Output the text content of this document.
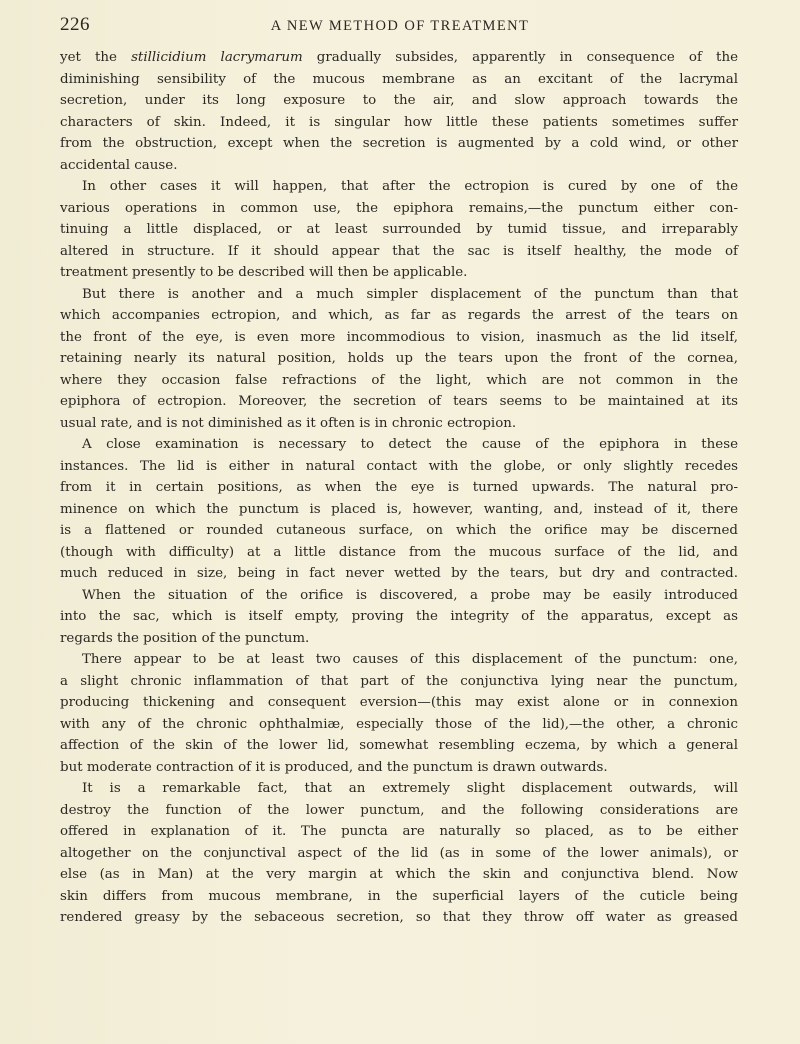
226	A NEW METHOD OF TREATMENT
yet the stillicidium lacrymarum gradually subsides, apparently in consequence of the
diminishing sensibility of the mucous membrane as an excitant of the lacrymal
secretion, under its long exposure to the air, and slow approach towards the
characters of skin. Indeed, it is singular how little these patients sometimes suffer
from the obstruction, except when the secretion is augmented by a cold wind, or other
accidental cause.
In other cases it will happen, that after the ectropion is cured by one of the
various operations in common use, the epiphora remains,—the punctum either con-
tinuing a little displaced, or at least surrounded by tumid tissue, and irreparably
altered in structure. If it should appear that the sac is itself healthy, the mode of
treatment presently to be described will then be applicable.
But there is another and a much simpler displacement of the punctum than that
which accompanies ectropion, and which, as far as regards the arrest of the tears on
the front of the eye, is even more incommodious to vision, inasmuch as the lid itself,
retaining nearly its natural position, holds up the tears upon the front of the cornea,
where they occasion false refractions of the light, which are not common in the
epiphora of ectropion. Moreover, the secretion of tears seems to be maintained at its
usual rate, and is not diminished as it often is in chronic ectropion.
A close examination is necessary to detect the cause of the epiphora in these
instances. The lid is either in natural contact with the globe, or only slightly recedes
from it in certain positions, as when the eye is turned upwards. The natural pro-
minence on which the punctum is placed is, however, wanting, and, instead of it, there
is a flattened or rounded cutaneous surface, on which the orifice may be discerned
(though with difficulty) at a little distance from the mucous surface of the lid, and
much reduced in size, being in fact never wetted by the tears, but dry and contracted.
When the situation of the orifice is discovered, a probe may be easily introduced
into the sac, which is itself empty, proving the integrity of the apparatus, except as
regards the position of the punctum.
There appear to be at least two causes of this displacement of the punctum: one,
a slight chronic inflammation of that part of the conjunctiva lying near the punctum,
producing thickening and consequent eversion—(this may exist alone or in connexion
with any of the chronic ophthalmiæ, especially those of the lid),—the other, a chronic
affection of the skin of the lower lid, somewhat resembling eczema, by which a general
but moderate contraction of it is produced, and the punctum is drawn outwards.
It is a remarkable fact, that an extremely slight displacement outwards, will
destroy the function of the lower punctum, and the following considerations are
offered in explanation of it. The puncta are naturally so placed, as to be either
altogether on the conjunctival aspect of the lid (as in some of the lower animals), or
else (as in Man) at the very margin at which the skin and conjunctiva blend. Now
skin differs from mucous membrane, in the superficial layers of the cuticle being
rendered greasy by the sebaceous secretion, so that they throw off water as greased
